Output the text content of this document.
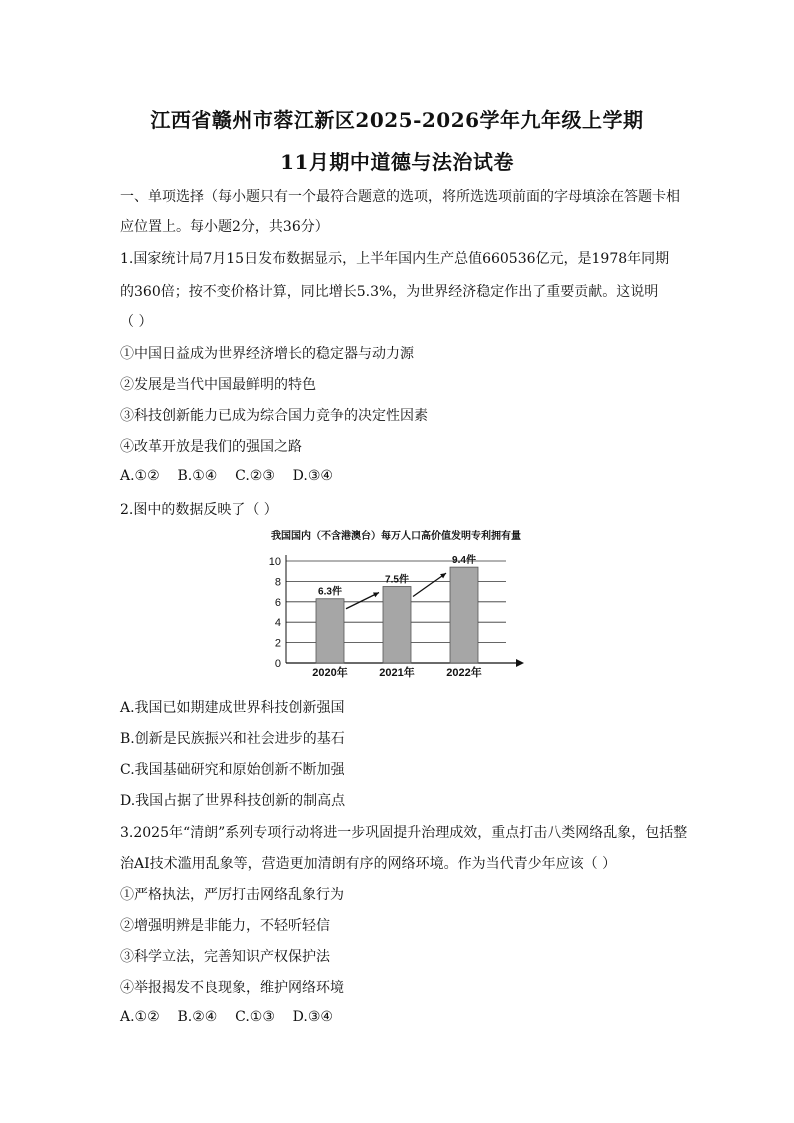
江西省赣州市蓉江新区2025-2026学年九年级上学期
11月期中道德与法治试卷
一、单项选择（每小题只有一个最符合题意的选项，将所选选项前面的字母填涂在答题卡相
应位置上。每小题2分，共36分）
1.国家统计局7月15日发布数据显示，上半年国内生产总值660536亿元，是1978年同期
的360倍；按不变价格计算，同比增长5.3%，为世界经济稳定作出了重要贡献。这说明
（ ）
①中国日益成为世界经济增长的稳定器与动力源
②发展是当代中国最鲜明的特色
③科技创新能力已成为综合国力竞争的决定性因素
④改革开放是我们的强国之路
A.①②    B.①④    C.②③    D.③④
2.图中的数据反映了（ ）
我国国内（不含港澳台）每万人口高价值发明专利拥有量
0
2
4
6
8
10
6.3件
2020年
7.5件
2021年
9.4件
2022年
A.我国已如期建成世界科技创新强国
B.创新是民族振兴和社会进步的基石
C.我国基础研究和原始创新不断加强
D.我国占据了世界科技创新的制高点
3.2025年“清朗”系列专项行动将进一步巩固提升治理成效，重点打击八类网络乱象，包括整
治AI技术滥用乱象等，营造更加清朗有序的网络环境。作为当代青少年应该（ ）
①严格执法，严厉打击网络乱象行为
②增强明辨是非能力，不轻听轻信
③科学立法，完善知识产权保护法
④举报揭发不良现象，维护网络环境
A.①②    B.②④    C.①③    D.③④
